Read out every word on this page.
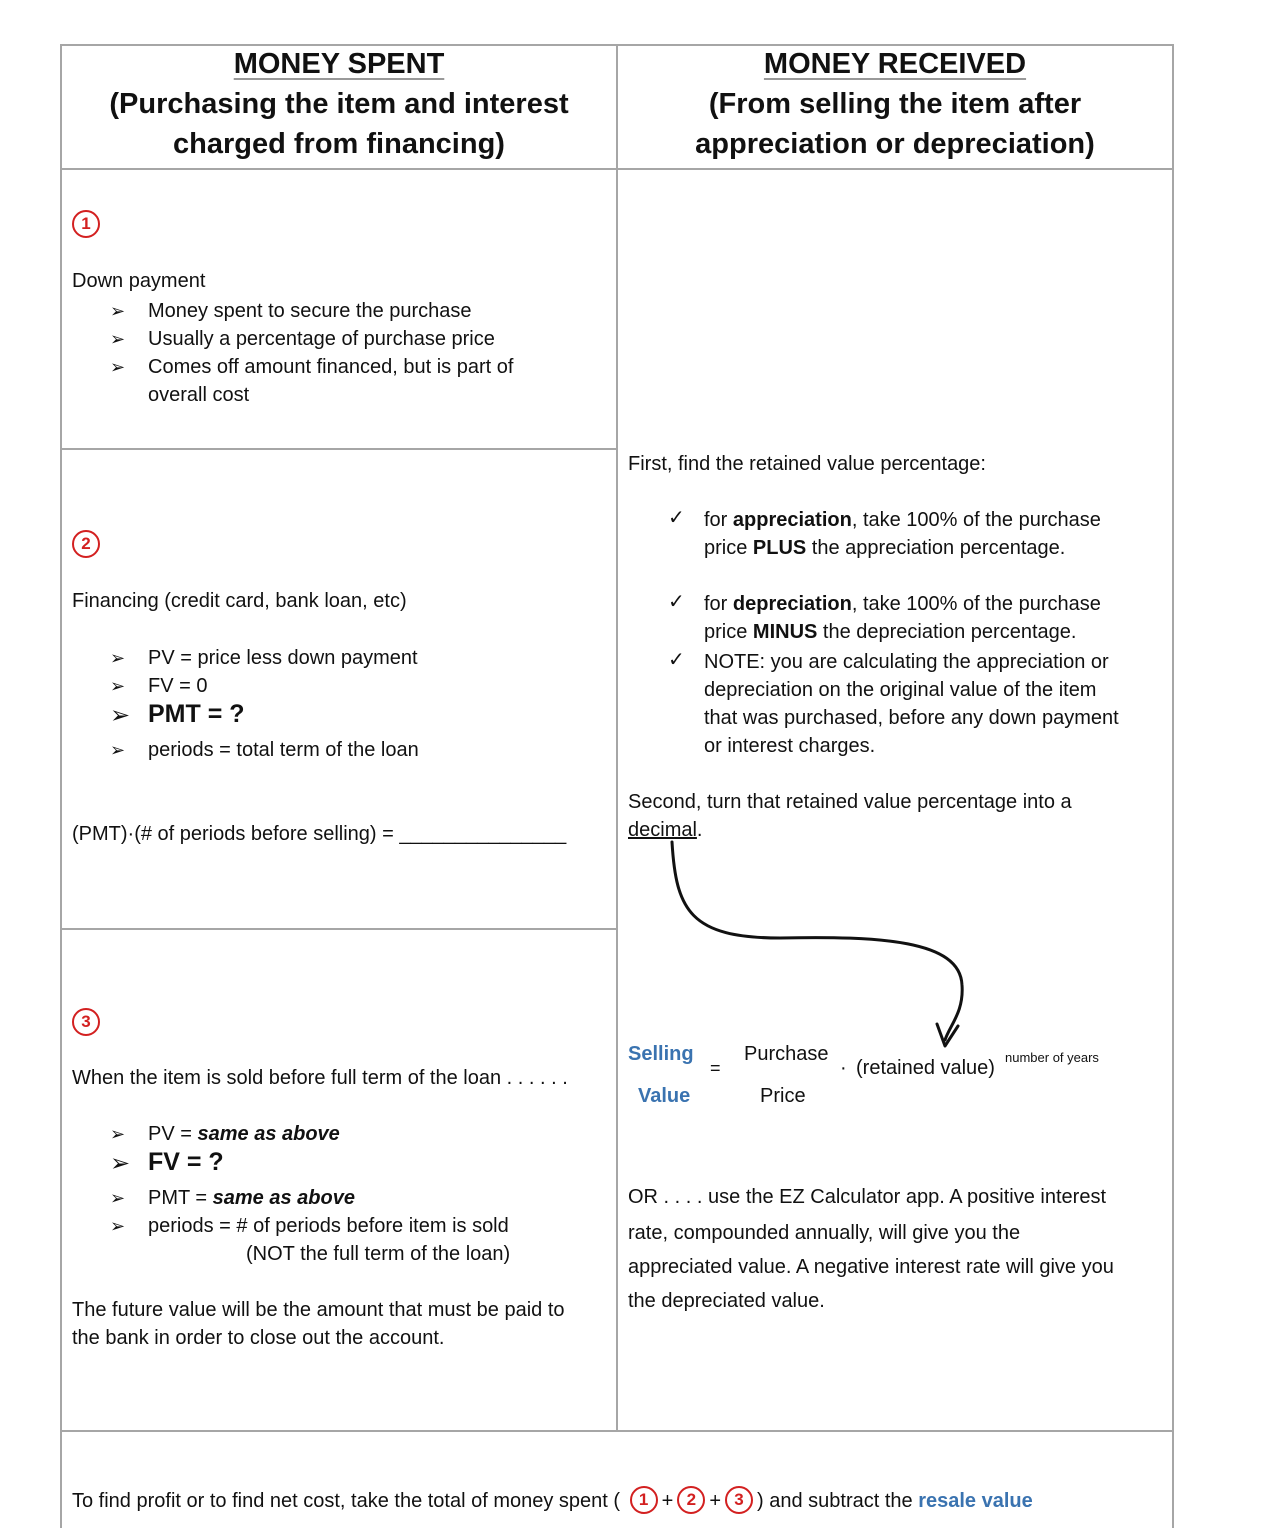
MONEY SPENT
(Purchasing the item and interest
charged from financing)
MONEY RECEIVED
(From selling the item after
appreciation or depreciation)
1
Down payment
➢ Money spent to secure the purchase
➢ Usually a percentage of purchase price
➢ Comes off amount financed, but is part of
overall cost
2
Financing (credit card, bank loan, etc)
➢ PV = price less down payment
➢ FV = 0
➢ PMT = ?
➢ periods = total term of the loan
(PMT)·(# of periods before selling) = _______________
3
When the item is sold before full term of the loan . . . . . .
➢ PV = same as above
➢ FV = ?
➢ PMT = same as above
➢ periods = # of periods before item is sold
(NOT the full term of the loan)
The future value will be the amount that must be paid to
the bank in order to close out the account.
First, find the retained value percentage:
✓ for appreciation, take 100% of the purchase
price PLUS the appreciation percentage.
✓ for depreciation, take 100% of the purchase
price MINUS the depreciation percentage.
✓ NOTE: you are calculating the appreciation or
depreciation on the original value of the item
that was purchased, before any down payment
or interest charges.
Second, turn that retained value percentage into a
decimal.
Selling
Value
=
Purchase
Price
· (retained value) number of years
OR . . . . use the EZ Calculator app. A positive interest
rate, compounded annually, will give you the
appreciated value. A negative interest rate will give you
the depreciated value.
To find profit or to find net cost, take the total of money spent ( 1 + 2 + 3 ) and subtract the resale value
